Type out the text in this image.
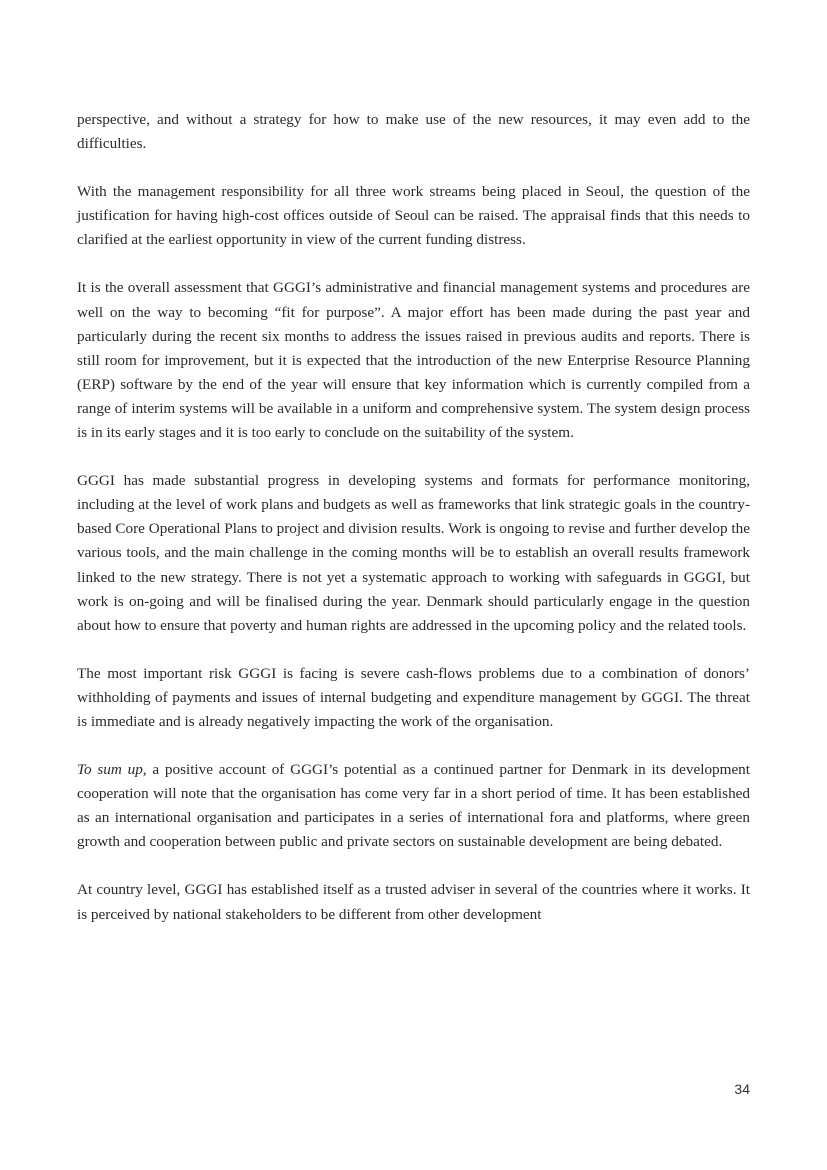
perspective, and without a strategy for how to make use of the new resources, it may even add to the difficulties.

With the management responsibility for all three work streams being placed in Seoul, the question of the justification for having high-cost offices outside of Seoul can be raised. The appraisal finds that this needs to clarified at the earliest opportunity in view of the current funding distress.

It is the overall assessment that GGGI’s administrative and financial management systems and procedures are well on the way to becoming “fit for purpose”. A major effort has been made during the past year and particularly during the recent six months to address the issues raised in previous audits and reports. There is still room for improvement, but it is expected that the introduction of the new Enterprise Resource Planning (ERP) software by the end of the year will ensure that key information which is currently compiled from a range of interim systems will be available in a uniform and comprehensive system. The system design process is in its early stages and it is too early to conclude on the suitability of the system.

GGGI has made substantial progress in developing systems and formats for performance monitoring, including at the level of work plans and budgets as well as frameworks that link strategic goals in the country-based Core Operational Plans to project and division results. Work is ongoing to revise and further develop the various tools, and the main challenge in the coming months will be to establish an overall results framework linked to the new strategy. There is not yet a systematic approach to working with safeguards in GGGI, but work is on-going and will be finalised during the year. Denmark should particularly engage in the question about how to ensure that poverty and human rights are addressed in the upcoming policy and the related tools.

The most important risk GGGI is facing is severe cash-flows problems due to a combination of donors’ withholding of payments and issues of internal budgeting and expenditure management by GGGI. The threat is immediate and is already negatively impacting the work of the organisation.

To sum up, a positive account of GGGI’s potential as a continued partner for Denmark in its development cooperation will note that the organisation has come very far in a short period of time. It has been established as an international organisation and participates in a series of international fora and platforms, where green growth and cooperation between public and private sectors on sustainable development are being debated.

At country level, GGGI has established itself as a trusted adviser in several of the countries where it works. It is perceived by national stakeholders to be different from other development

34
